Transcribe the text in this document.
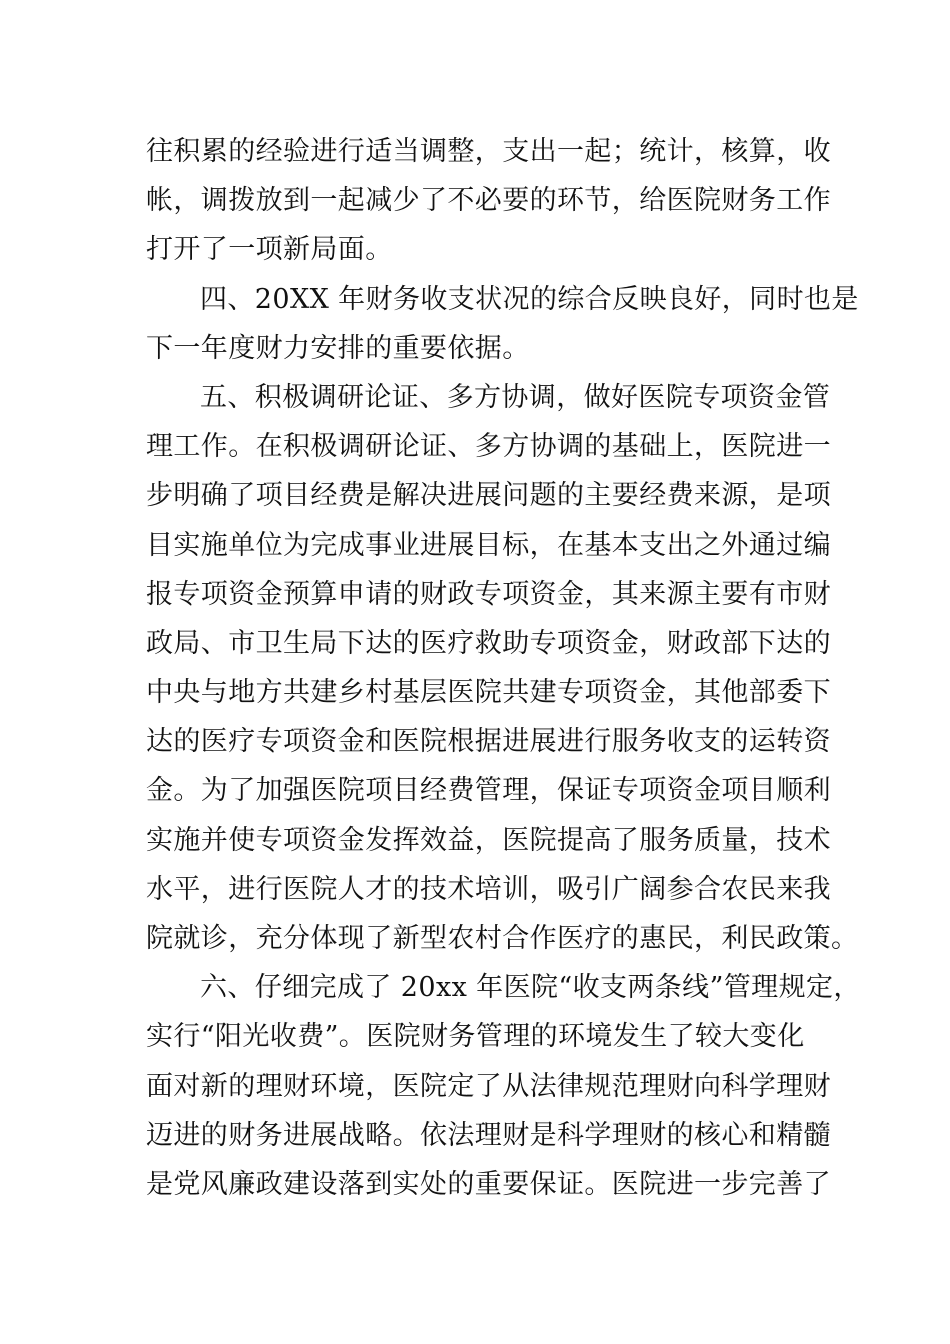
往积累的经验进行适当调整，支出一起；统计，核算，收
帐，调拨放到一起减少了不必要的环节，给医院财务工作
打开了一项新局面。
四、20XX 年财务收支状况的综合反映良好，同时也是
下一年度财力安排的重要依据。
五、积极调研论证、多方协调，做好医院专项资金管
理工作。在积极调研论证、多方协调的基础上，医院进一
步明确了项目经费是解决进展问题的主要经费来源，是项
目实施单位为完成事业进展目标，在基本支出之外通过编
报专项资金预算申请的财政专项资金，其来源主要有市财
政局、市卫生局下达的医疗救助专项资金，财政部下达的
中央与地方共建乡村基层医院共建专项资金，其他部委下
达的医疗专项资金和医院根据进展进行服务收支的运转资
金。为了加强医院项目经费管理，保证专项资金项目顺利
实施并使专项资金发挥效益，医院提高了服务质量，技术
水平，进行医院人才的技术培训，吸引广阔参合农民来我
院就诊，充分体现了新型农村合作医疗的惠民，利民政策。
六、仔细完成了 20xx 年医院“收支两条线”管理规定，
实行“阳光收费”。医院财务管理的环境发生了较大变化
面对新的理财环境，医院定了从法律规范理财向科学理财
迈进的财务进展战略。依法理财是科学理财的核心和精髓
是党风廉政建设落到实处的重要保证。医院进一步完善了
